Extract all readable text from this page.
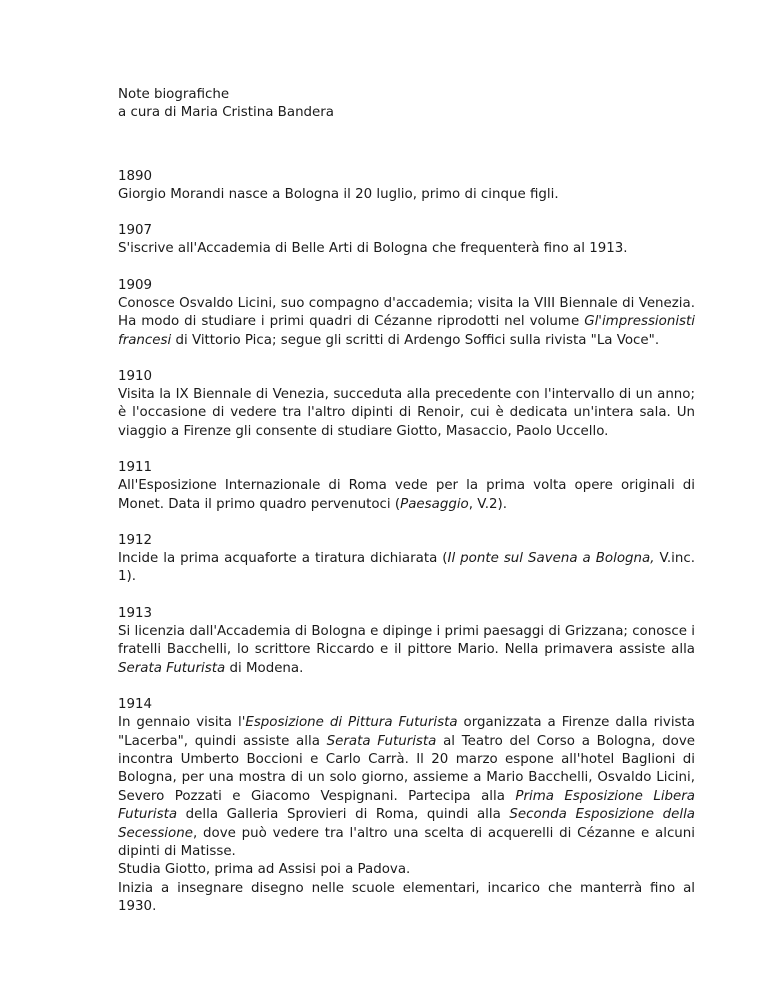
Note biografiche
a cura di Maria Cristina Bandera
1890
Giorgio Morandi nasce a Bologna il 20 luglio, primo di cinque figli.
1907
S'iscrive all'Accademia di Belle Arti di Bologna che frequenterà fino al 1913.
1909
Conosce Osvaldo Licini, suo compagno d'accademia; visita la VIII Biennale di Venezia. Ha modo di studiare i primi quadri di Cézanne riprodotti nel volume Gl'impressionisti francesi di Vittorio Pica; segue gli scritti di Ardengo Soffici sulla rivista "La Voce".
1910
Visita la IX Biennale di Venezia, succeduta alla precedente con l'intervallo di un anno; è l'occasione di vedere tra l'altro dipinti di Renoir, cui è dedicata un'intera sala. Un viaggio a Firenze gli consente di studiare Giotto, Masaccio, Paolo Uccello.
1911
All'Esposizione Internazionale di Roma vede per la prima volta opere originali di Monet. Data il primo quadro pervenutoci (Paesaggio, V.2).
1912
Incide la prima acquaforte a tiratura dichiarata (Il ponte sul Savena a Bologna, V.inc. 1).
1913
Si licenzia dall'Accademia di Bologna e dipinge i primi paesaggi di Grizzana; conosce i fratelli Bacchelli, lo scrittore Riccardo e il pittore Mario. Nella primavera assiste alla Serata Futurista di Modena.
1914
In gennaio visita l'Esposizione di Pittura Futurista organizzata a Firenze dalla rivista "Lacerba", quindi assiste alla Serata Futurista al Teatro del Corso a Bologna, dove incontra Umberto Boccioni e Carlo Carrà. Il 20 marzo espone all'hotel Baglioni di Bologna, per una mostra di un solo giorno, assieme a Mario Bacchelli, Osvaldo Licini, Severo Pozzati e Giacomo Vespignani. Partecipa alla Prima Esposizione Libera Futurista della Galleria Sprovieri di Roma, quindi alla Seconda Esposizione della Secessione, dove può vedere tra l'altro una scelta di acquerelli di Cézanne e alcuni dipinti di Matisse.
Studia Giotto, prima ad Assisi poi a Padova.
Inizia a insegnare disegno nelle scuole elementari, incarico che manterrà fino al 1930.
